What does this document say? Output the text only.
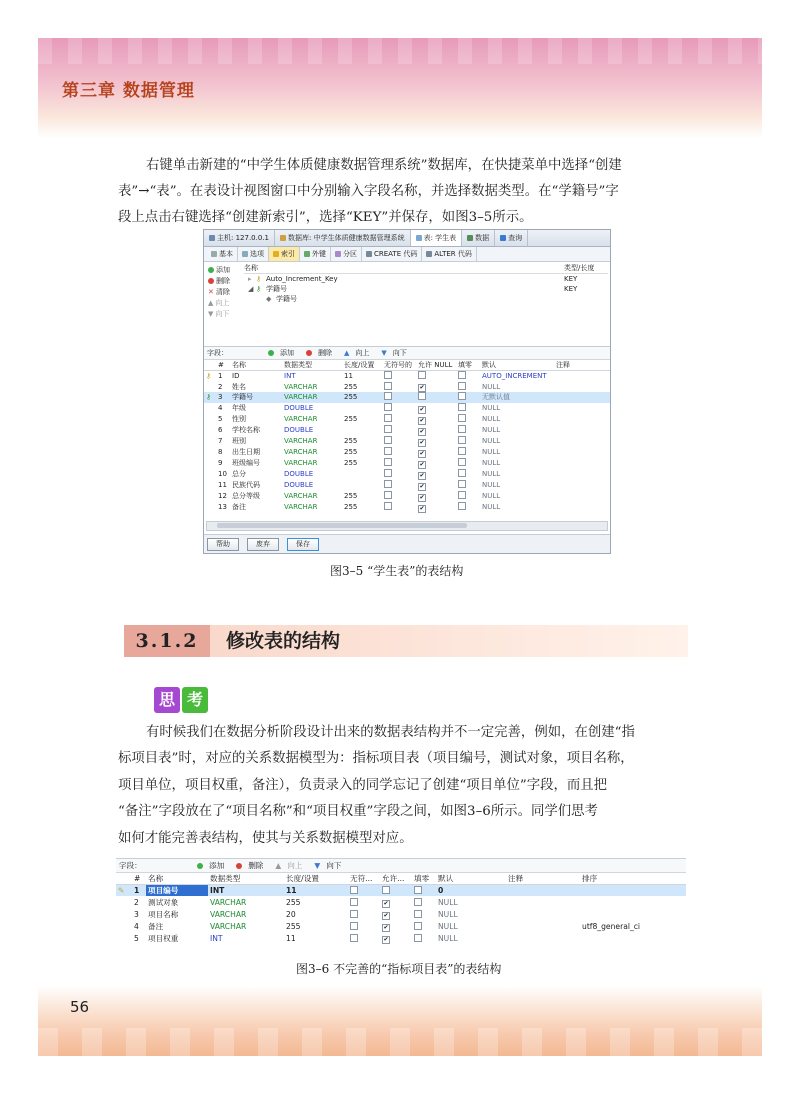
第三章 数据管理

右键单击新建的“中学生体质健康数据管理系统”数据库，在快捷菜单中选择“创建

表”→“表”。在表设计视图窗口中分别输入字段名称，并选择数据类型。在“学籍号”字

段上点击右键选择“创建新索引”，选择“KEY”并保存，如图3–5所示。

主机: 127.0.0.1	数据库: 中学生体质健康数据管理系统	表: 学生表	数据	查询
基本	选项	索引	外键	分区	CREATE 代码	ALTER 代码
添加
删除
✕ 清除
▲ 向上
▼ 向下
名称	类型/长度
▸ ⚷ Auto_Increment_Key	KEY
◢ ⚷ 学籍号	KEY
◆ 学籍号
字段：	添加	删除	▲ 向上	▼ 向下
	#	名称	数据类型	长度/设置	无符号的	允许 NULL	填零	默认	注释
⚷	1	ID	INT	11				AUTO_INCREMENT	
	2	姓名	VARCHAR	255		✔		NULL	
⚷	3	学籍号	VARCHAR	255				无默认值	
	4	年级	DOUBLE			✔		NULL	
	5	性别	VARCHAR	255		✔		NULL	
	6	学校名称	DOUBLE			✔		NULL	
	7	班别	VARCHAR	255		✔		NULL	
	8	出生日期	VARCHAR	255		✔		NULL	
	9	班级编号	VARCHAR	255		✔		NULL	
	10	总分	DOUBLE			✔		NULL	
	11	民族代码	DOUBLE			✔		NULL	
	12	总分等级	VARCHAR	255		✔		NULL	
	13	备注	VARCHAR	255		✔		NULL	
帮助	废弃	保存
图3–5 “学生表”的表结构
3.1.2	修改表的结构
思 考

有时候我们在数据分析阶段设计出来的数据表结构并不一定完善，例如，在创建“指

标项目表”时，对应的关系数据模型为：指标项目表（项目编号，测试对象，项目名称，

项目单位，项目权重，备注），负责录入的同学忘记了创建“项目单位”字段，而且把

“备注”字段放在了“项目名称”和“项目权重”字段之间，如图3–6所示。同学们思考

如何才能完善表结构，使其与关系数据模型对应。

字段：	添加	删除	▲ 向上	▼ 向下
	#	名称	数据类型	长度/设置	无符...	允许...	填零	默认	注释	排序
✎	1	项目编号	INT	11				0		
	2	测试对象	VARCHAR	255		✔		NULL		
	3	项目名称	VARCHAR	20		✔		NULL		
	4	备注	VARCHAR	255		✔		NULL		utf8_general_ci
	5	项目权重	INT	11		✔		NULL		
图3–6 不完善的“指标项目表”的表结构
56
